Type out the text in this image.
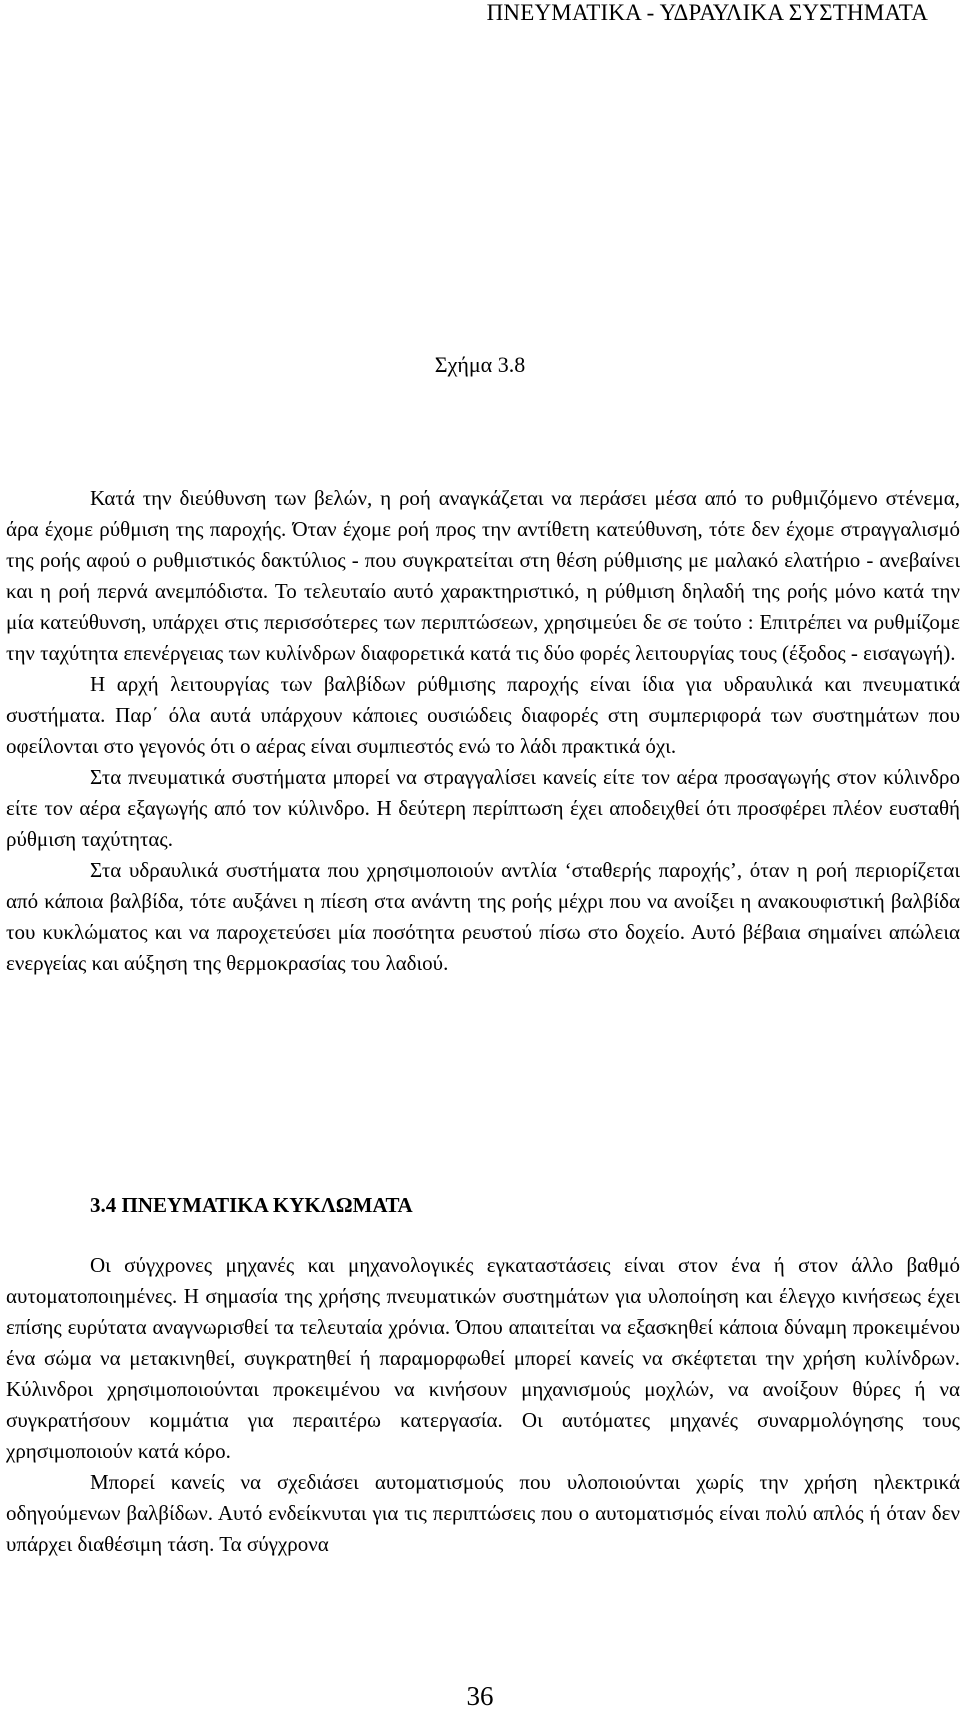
ΠΝΕΥΜΑΤΙΚΑ - ΥΔΡΑΥΛΙΚΑ ΣΥΣΤΗΜΑΤΑ
Σχήμα 3.8

Κατά την διεύθυνση των βελών, η ροή αναγκάζεται να περάσει μέσα από το ρυθμιζόμενο στένεμα, άρα έχομε ρύθμιση της παροχής. Όταν έχομε ροή προς την αντίθετη κατεύθυνση, τότε δεν έχομε στραγγαλισμό της ροής αφού ο ρυθμιστικός δακτύλιος - που συγκρατείται στη θέση ρύθμισης με μαλακό ελατήριο - ανεβαίνει και η ροή περνά ανεμπόδιστα. Το τελευταίο αυτό χαρακτηριστικό, η ρύθμιση δηλαδή της ροής μόνο κατά την μία κατεύθυνση, υπάρχει στις περισσότερες των περιπτώσεων, χρησιμεύει δε σε τούτο : Επιτρέπει να ρυθμίζομε την ταχύτητα επενέργειας των κυλίνδρων διαφορετικά κατά τις δύο φορές λειτουργίας τους (έξοδος - εισαγωγή).

Η αρχή λειτουργίας των βαλβίδων ρύθμισης παροχής είναι ίδια για υδραυλικά και πνευματικά συστήματα. Παρ΄ όλα αυτά υπάρχουν κάποιες ουσιώδεις διαφορές στη συμπεριφορά των συστημάτων που οφείλονται στο γεγονός ότι ο αέρας είναι συμπιεστός ενώ το λάδι πρακτικά όχι.

Στα πνευματικά συστήματα μπορεί να στραγγαλίσει κανείς είτε τον αέρα προσαγωγής στον κύλινδρο είτε τον αέρα εξαγωγής από τον κύλινδρο. Η δεύτερη περίπτωση έχει αποδειχθεί ότι προσφέρει πλέον ευσταθή ρύθμιση ταχύτητας.

Στα υδραυλικά συστήματα που χρησιμοποιούν αντλία ‘σταθερής παροχής’, όταν η ροή περιορίζεται από κάποια βαλβίδα, τότε αυξάνει η πίεση στα ανάντη της ροής μέχρι που να ανοίξει η ανακουφιστική βαλβίδα του κυκλώματος και να παροχετεύσει μία ποσότητα ρευστού πίσω στο δοχείο. Αυτό βέβαια σημαίνει απώλεια ενεργείας και αύξηση της θερμοκρασίας του λαδιού.

3.4 ΠΝΕΥΜΑΤΙΚΑ ΚΥΚΛΩΜΑΤΑ

Οι σύγχρονες μηχανές και μηχανολογικές εγκαταστάσεις είναι στον ένα ή στον άλλο βαθμό αυτοματοποιημένες. Η σημασία της χρήσης πνευματικών συστημάτων για υλοποίηση και έλεγχο κινήσεως έχει επίσης ευρύτατα αναγνωρισθεί τα τελευταία χρόνια. Όπου απαιτείται να εξασκηθεί κάποια δύναμη προκειμένου ένα σώμα να μετακινηθεί, συγκρατηθεί ή παραμορφωθεί μπορεί κανείς να σκέφτεται την χρήση κυλίνδρων. Κύλινδροι χρησιμοποιούνται προκειμένου να κινήσουν μηχανισμούς μοχλών, να ανοίξουν θύρες ή να συγκρατήσουν κομμάτια για περαιτέρω κατεργασία. Οι αυτόματες μηχανές συναρμολόγησης τους χρησιμοποιούν κατά κόρο.

Μπορεί κανείς να σχεδιάσει αυτοματισμούς που υλοποιούνται χωρίς την χρήση ηλεκτρικά οδηγούμενων βαλβίδων. Αυτό ενδείκνυται για τις περιπτώσεις που ο αυτοματισμός είναι πολύ απλός ή όταν δεν υπάρχει διαθέσιμη τάση. Τα σύγχρονα

36
